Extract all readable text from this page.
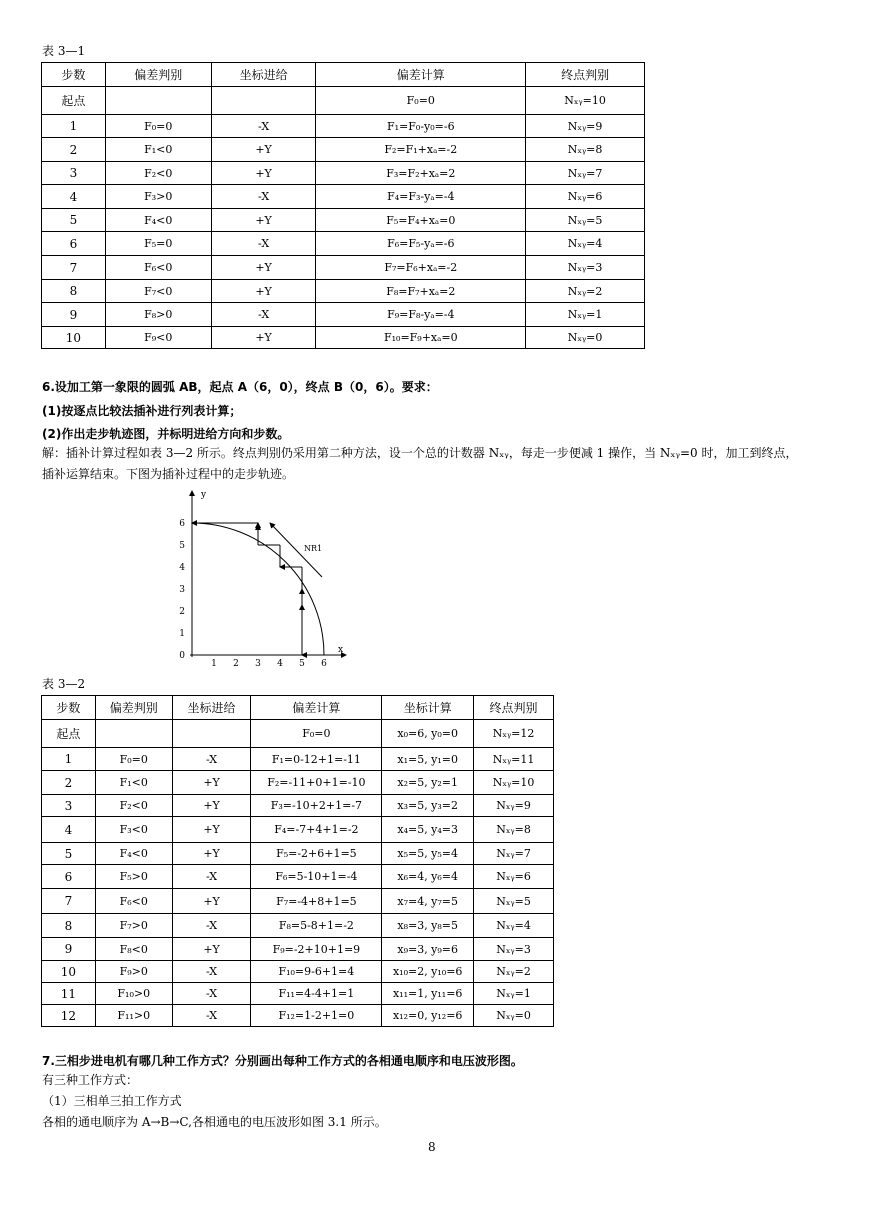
表 3—1
步数	偏差判别	坐标进给	偏差计算	终点判别
起点			F₀=0	Nₓᵧ=10
1	F₀=0	-X	F₁=F₀-y₀=-6	Nₓᵧ=9
2	F₁<0	+Y	F₂=F₁+xₐ=-2	Nₓᵧ=8
3	F₂<0	+Y	F₃=F₂+xₐ=2	Nₓᵧ=7
4	F₃>0	-X	F₄=F₃-yₐ=-4	Nₓᵧ=6
5	F₄<0	+Y	F₅=F₄+xₐ=0	Nₓᵧ=5
6	F₅=0	-X	F₆=F₅-yₐ=-6	Nₓᵧ=4
7	F₆<0	+Y	F₇=F₆+xₐ=-2	Nₓᵧ=3
8	F₇<0	+Y	F₈=F₇+xₐ=2	Nₓᵧ=2
9	F₈>0	-X	F₉=F₈-yₐ=-4	Nₓᵧ=1
10	F₉<0	+Y	F₁₀=F₉+xₐ=0	Nₓᵧ=0
6.设加工第一象限的圆弧 AB，起点 A（6，0），终点 B（0，6）。要求：
(1)按逐点比较法插补进行列表计算；
(2)作出走步轨迹图，并标明进给方向和步数。
解：插补计算过程如表 3—2 所示。终点判别仍采用第二种方法，设一个总的计数器 Nₓᵧ，每走一步便减 1 操作，当 Nₓᵧ=0 时，加工到终点，
插补运算结束。下图为插补过程中的走步轨迹。
y
x
6
5
4
3
2
1
0
1 2 3 4 5 6
NR1
表 3—2
步数	偏差判别	坐标进给	偏差计算	坐标计算	终点判别
起点			F₀=0	x₀=6, y₀=0	Nₓᵧ=12
1	F₀=0	-X	F₁=0-12+1=-11	x₁=5, y₁=0	Nₓᵧ=11
2	F₁<0	+Y	F₂=-11+0+1=-10	x₂=5, y₂=1	Nₓᵧ=10
3	F₂<0	+Y	F₃=-10+2+1=-7	x₃=5, y₃=2	Nₓᵧ=9
4	F₃<0	+Y	F₄=-7+4+1=-2	x₄=5, y₄=3	Nₓᵧ=8
5	F₄<0	+Y	F₅=-2+6+1=5	x₅=5, y₅=4	Nₓᵧ=7
6	F₅>0	-X	F₆=5-10+1=-4	x₆=4, y₆=4	Nₓᵧ=6
7	F₆<0	+Y	F₇=-4+8+1=5	x₇=4, y₇=5	Nₓᵧ=5
8	F₇>0	-X	F₈=5-8+1=-2	x₈=3, y₈=5	Nₓᵧ=4
9	F₈<0	+Y	F₉=-2+10+1=9	x₉=3, y₉=6	Nₓᵧ=3
10	F₉>0	-X	F₁₀=9-6+1=4	x₁₀=2, y₁₀=6	Nₓᵧ=2
11	F₁₀>0	-X	F₁₁=4-4+1=1	x₁₁=1, y₁₁=6	Nₓᵧ=1
12	F₁₁>0	-X	F₁₂=1-2+1=0	x₁₂=0, y₁₂=6	Nₓᵧ=0
7.三相步进电机有哪几种工作方式？分别画出每种工作方式的各相通电顺序和电压波形图。
有三种工作方式：
（1）三相单三拍工作方式
各相的通电顺序为 A→B→C,各相通电的电压波形如图 3.1 所示。
8
